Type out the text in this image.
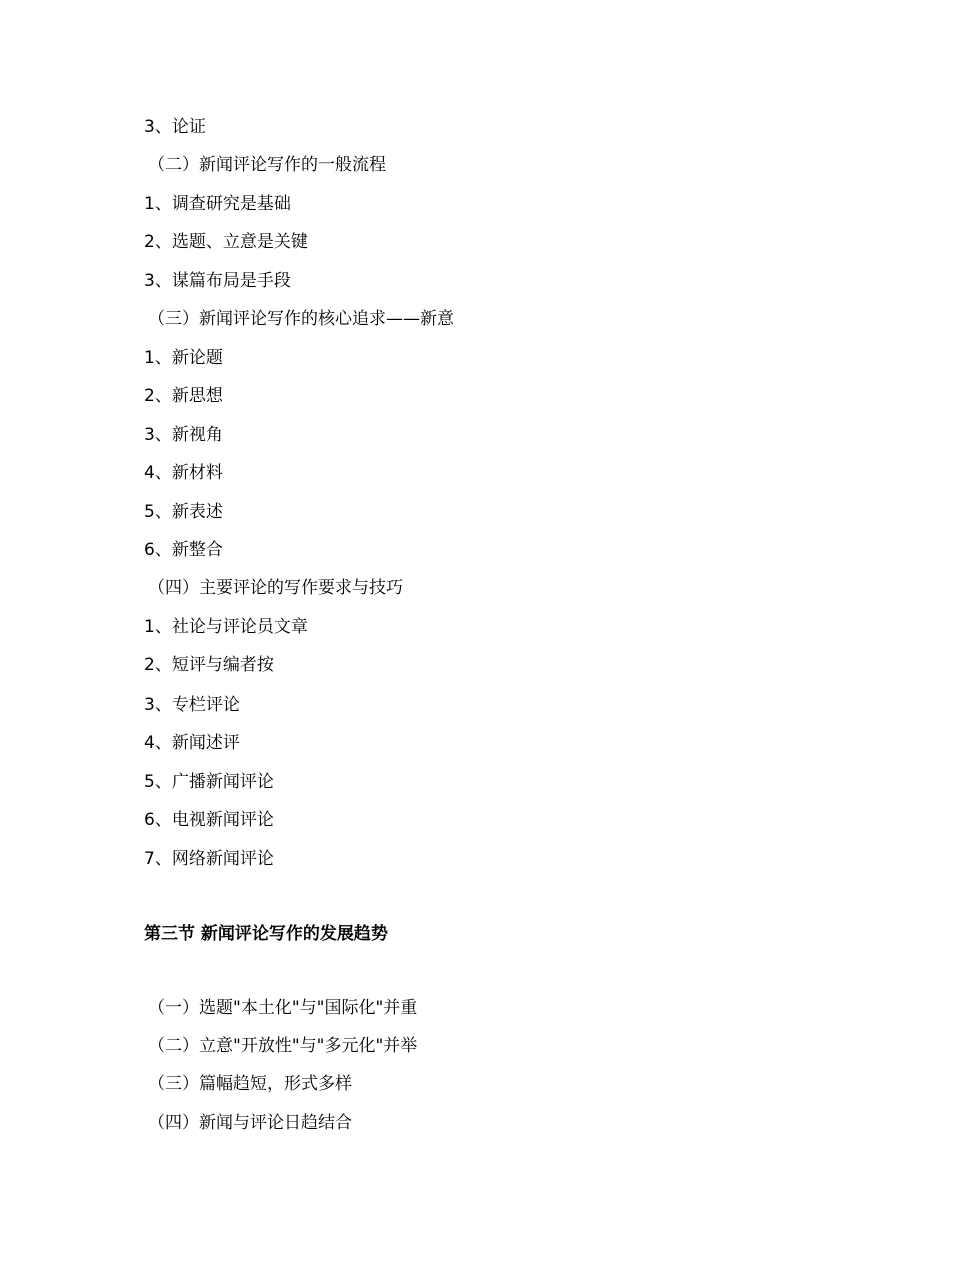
3、论证
（二）新闻评论写作的一般流程
1、调查研究是基础
2、选题、立意是关键
3、谋篇布局是手段
（三）新闻评论写作的核心追求——新意
1、新论题
2、新思想
3、新视角
4、新材料
5、新表述
6、新整合
（四）主要评论的写作要求与技巧
1、社论与评论员文章
2、短评与编者按
3、专栏评论
4、新闻述评
5、广播新闻评论
6、电视新闻评论
7、网络新闻评论
第三节 新闻评论写作的发展趋势
（一）选题"本土化"与"国际化"并重
（二）立意"开放性"与"多元化"并举
（三）篇幅趋短，形式多样
（四）新闻与评论日趋结合
